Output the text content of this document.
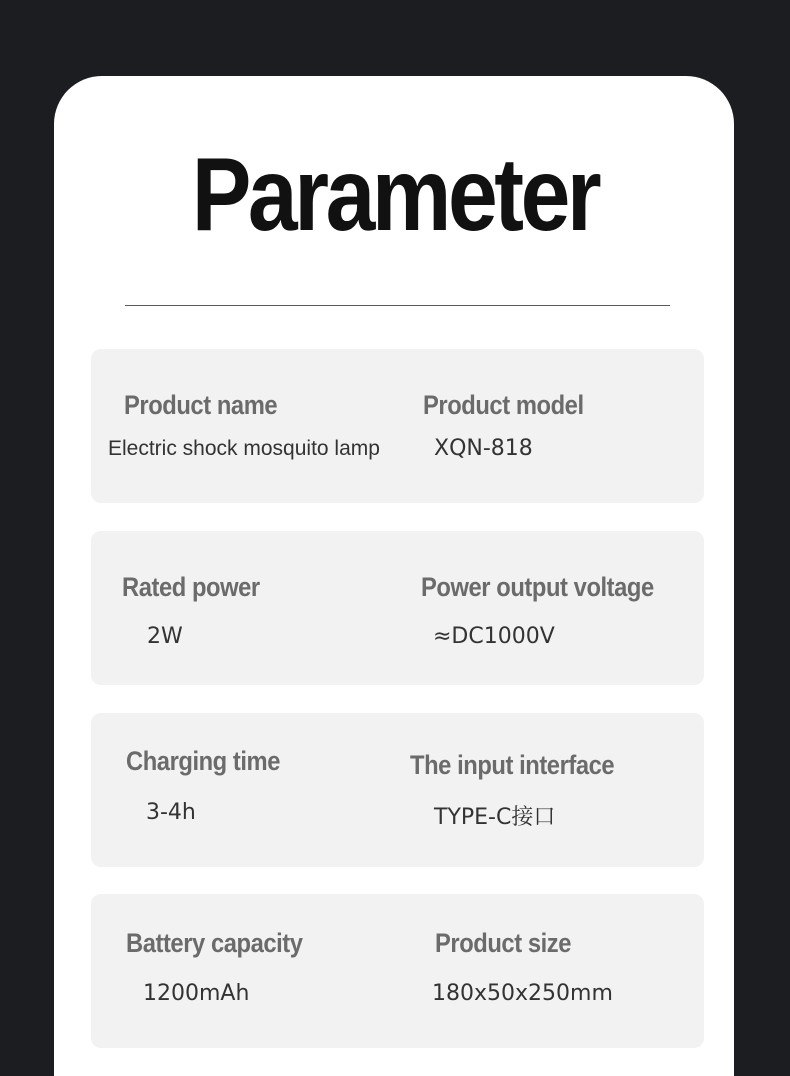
Parameter
Product name
Electric shock mosquito lamp
Product model
XQN-818
Rated power
2W
Power output voltage
≈DC1000V
Charging time
3-4h
The input interface
TYPE-C接口
Battery capacity
1200mAh
Product size
180x50x250mm
